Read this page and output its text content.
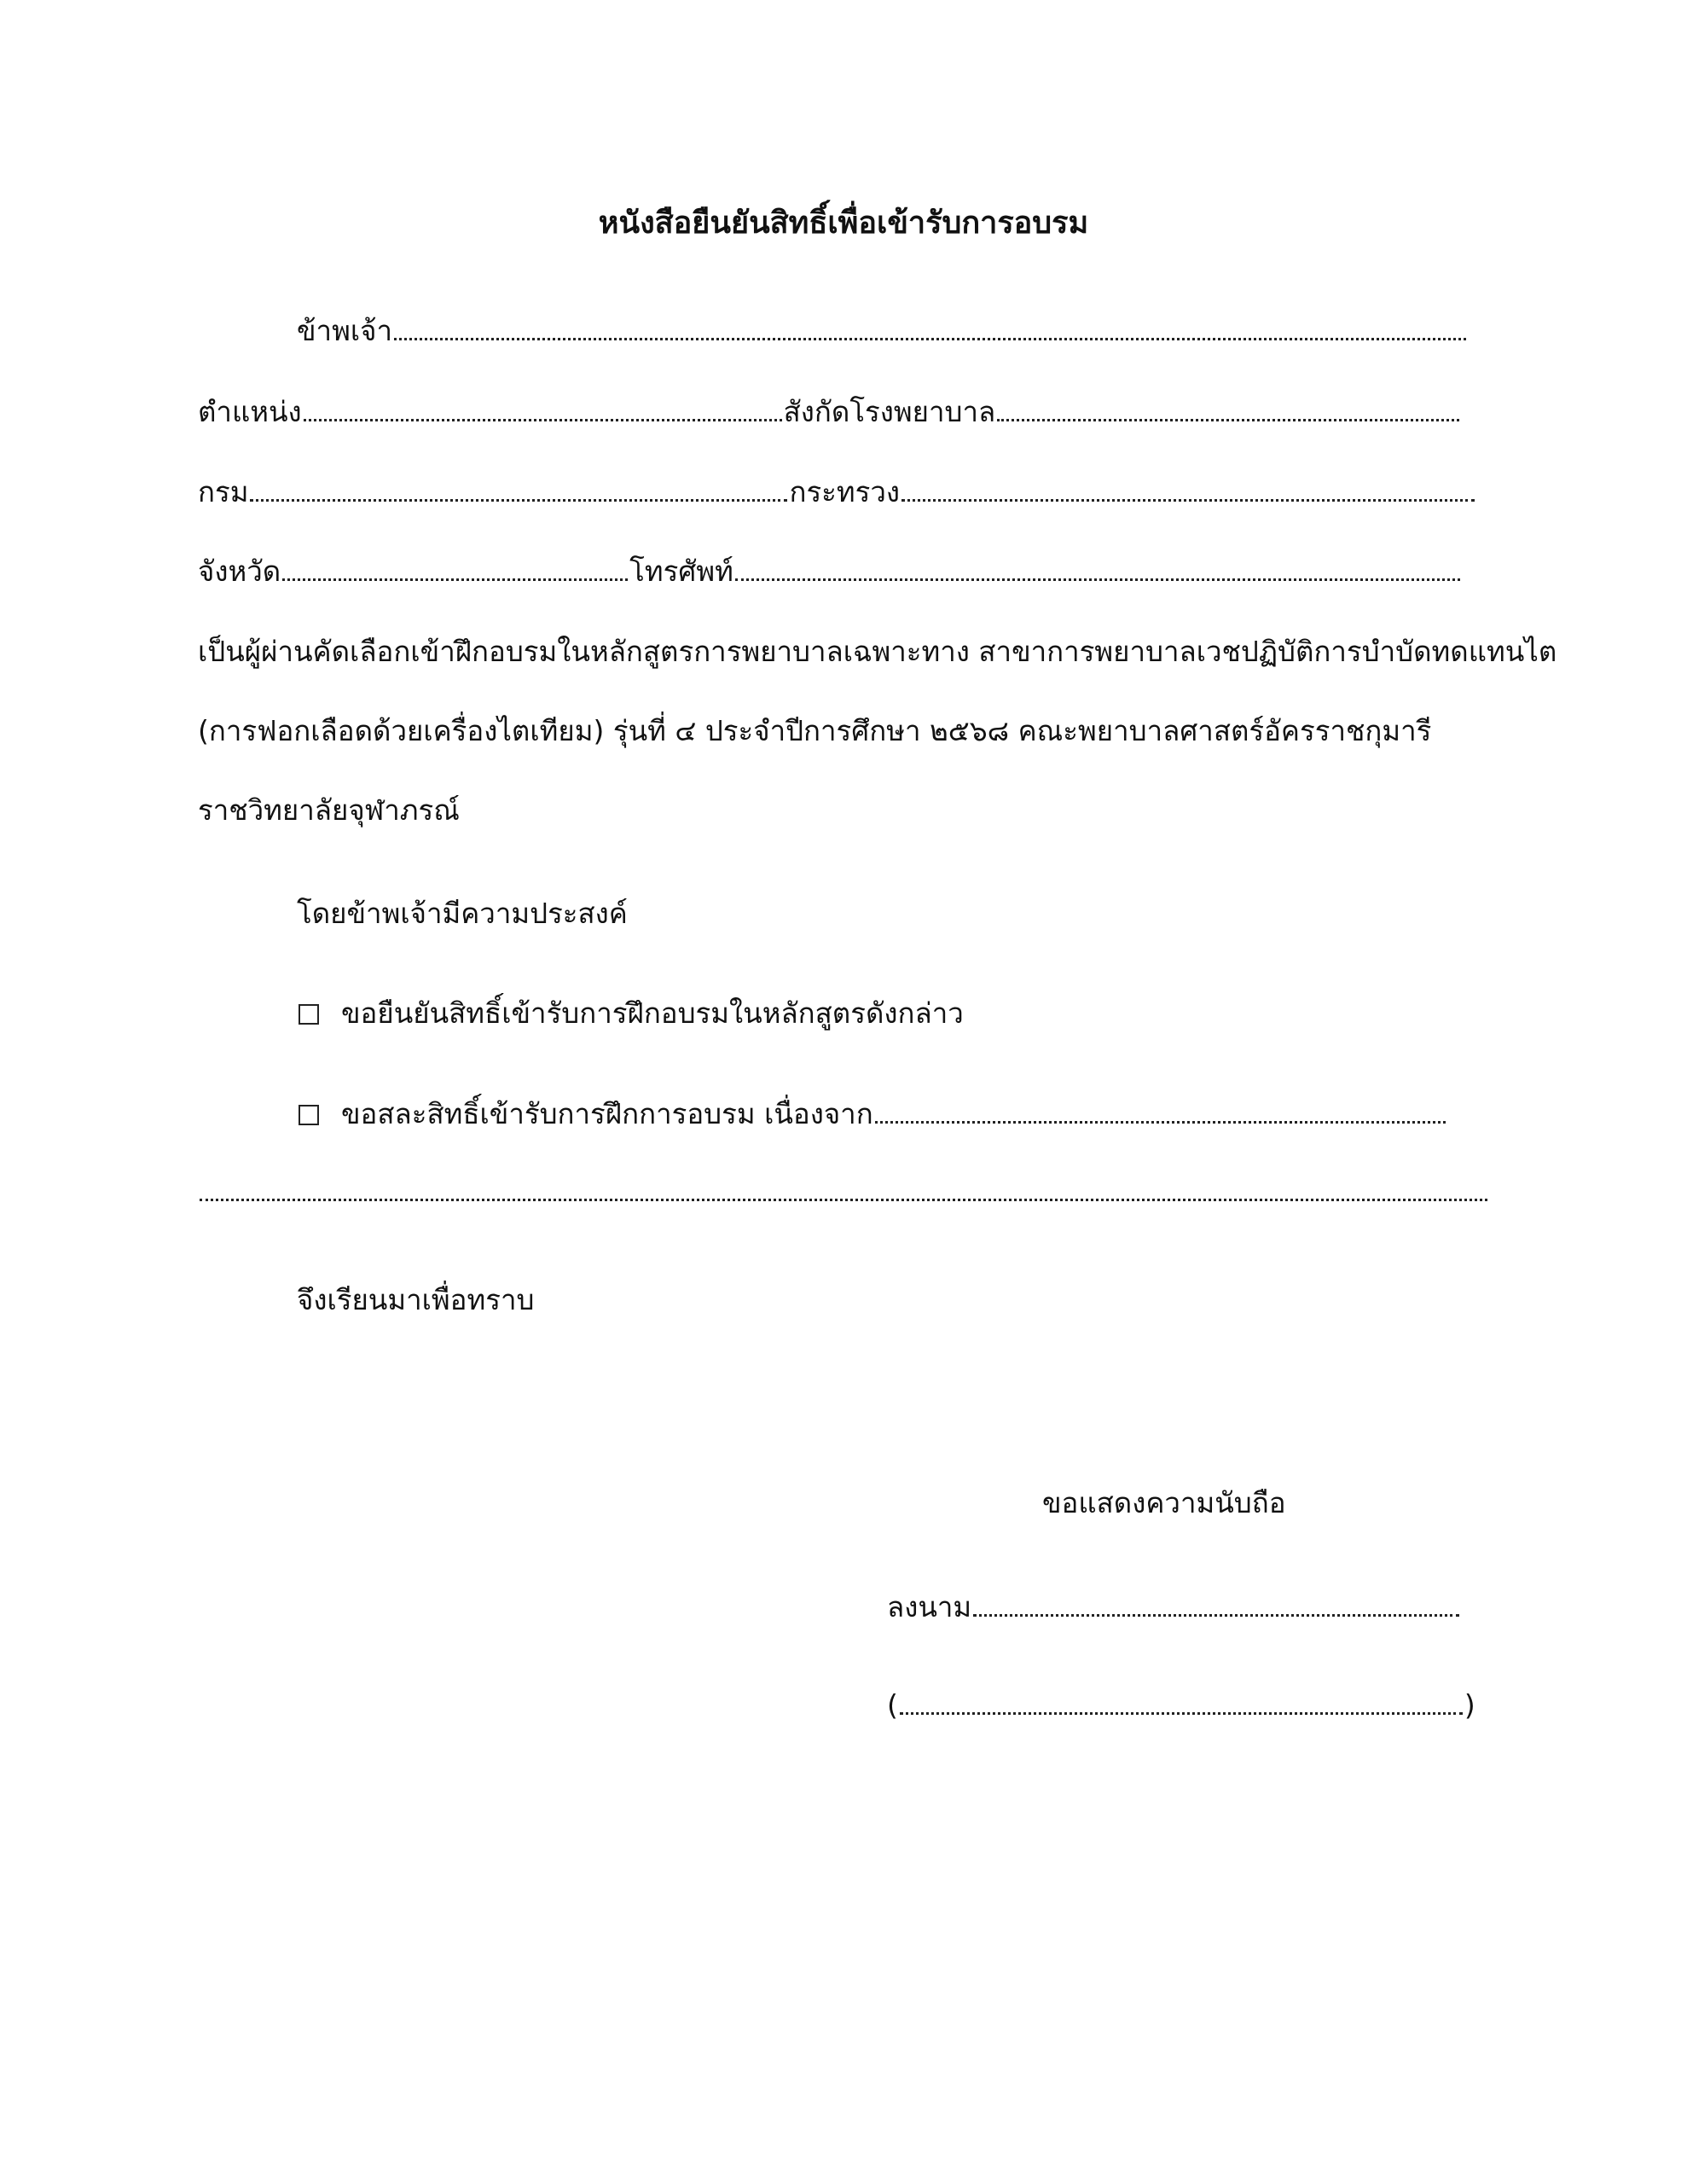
หนังสือยืนยันสิทธิ์เพื่อเข้ารับการอบรม
ข้าพเจ้า
ตำแหน่ง	สังกัดโรงพยาบาล
กรม	กระทรวง
จังหวัด	โทรศัพท์
เป็นผู้ผ่านคัดเลือกเข้าฝึกอบรมในหลักสูตรการพยาบาลเฉพาะทาง สาขาการพยาบาลเวชปฏิบัติการบำบัดทดแทนไต
(การฟอกเลือดด้วยเครื่องไตเทียม) รุ่นที่ ๔ ประจำปีการศึกษา ๒๕๖๘ คณะพยาบาลศาสตร์อัครราชกุมารี
ราชวิทยาลัยจุฬาภรณ์
โดยข้าพเจ้ามีความประสงค์
ขอยืนยันสิทธิ์เข้ารับการฝึกอบรมในหลักสูตรดังกล่าว
ขอสละสิทธิ์เข้ารับการฝึกการอบรม เนื่องจาก
จึงเรียนมาเพื่อทราบ
ขอแสดงความนับถือ
ลงนาม
(	)
